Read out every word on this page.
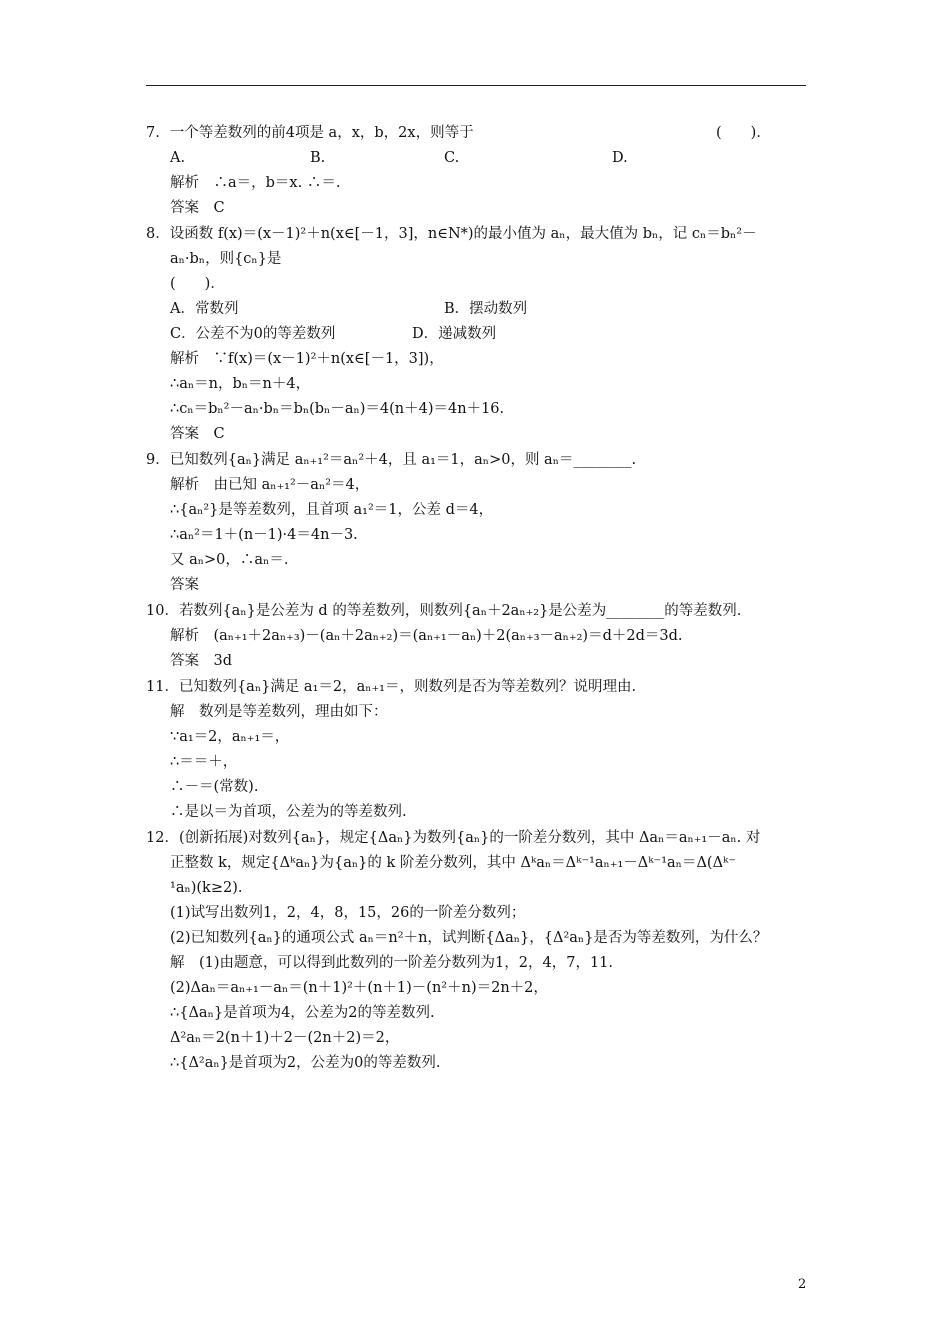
7．一个等差数列的前4项是 a，x，b，2x，则等于	(　　)．
A.	B.	C.	D.
解析　∴a＝，b＝x. ∴＝.
答案　C
8．设函数 f(x)＝(x－1)²＋n(x∈[－1，3]，n∈N*)的最小值为 aₙ，最大值为 bₙ，记 cₙ＝bₙ²－
aₙ·bₙ，则{cₙ}是
(　　)．
A．常数列	B．摆动数列
C．公差不为0的等差数列	D．递减数列
解析　∵f(x)＝(x－1)²＋n(x∈[－1，3])，
∴aₙ＝n，bₙ＝n＋4，
∴cₙ＝bₙ²－aₙ·bₙ＝bₙ(bₙ－aₙ)＝4(n＋4)＝4n＋16.
答案　C
9．已知数列{aₙ}满足 aₙ₊₁²＝aₙ²＋4，且 a₁＝1，aₙ>0，则 aₙ＝________.
解析　由已知 aₙ₊₁²－aₙ²＝4，
∴{aₙ²}是等差数列，且首项 a₁²＝1，公差 d＝4，
∴aₙ²＝1＋(n－1)·4＝4n－3.
又 aₙ>0，∴aₙ＝.
答案
10．若数列{aₙ}是公差为 d 的等差数列，则数列{aₙ＋2aₙ₊₂}是公差为________的等差数列.
解析　(aₙ₊₁＋2aₙ₊₃)－(aₙ＋2aₙ₊₂)＝(aₙ₊₁－aₙ)＋2(aₙ₊₃－aₙ₊₂)＝d＋2d＝3d.
答案　3d
11．已知数列{aₙ}满足 a₁＝2，aₙ₊₁＝，则数列是否为等差数列？说明理由.
解　数列是等差数列，理由如下：
∵a₁＝2，aₙ₊₁＝，
∴＝＝＋，
∴－＝(常数).
∴是以＝为首项，公差为的等差数列.
12．(创新拓展)对数列{aₙ}，规定{Δaₙ}为数列{aₙ}的一阶差分数列，其中 Δaₙ＝aₙ₊₁－aₙ. 对
正整数 k，规定{Δᵏaₙ}为{aₙ}的 k 阶差分数列，其中 Δᵏaₙ＝Δᵏ⁻¹aₙ₊₁－Δᵏ⁻¹aₙ＝Δ(Δᵏ⁻
¹aₙ)(k≥2).
(1)试写出数列1，2，4，8，15，26的一阶差分数列；
(2)已知数列{aₙ}的通项公式 aₙ＝n²＋n，试判断{Δaₙ}，{Δ²aₙ}是否为等差数列，为什么？
解　(1)由题意，可以得到此数列的一阶差分数列为1，2，4，7，11.
(2)Δaₙ＝aₙ₊₁－aₙ＝(n＋1)²＋(n＋1)－(n²＋n)＝2n＋2，
∴{Δaₙ}是首项为4，公差为2的等差数列.
Δ²aₙ＝2(n＋1)＋2－(2n＋2)＝2，
∴{Δ²aₙ}是首项为2，公差为0的等差数列.
2
